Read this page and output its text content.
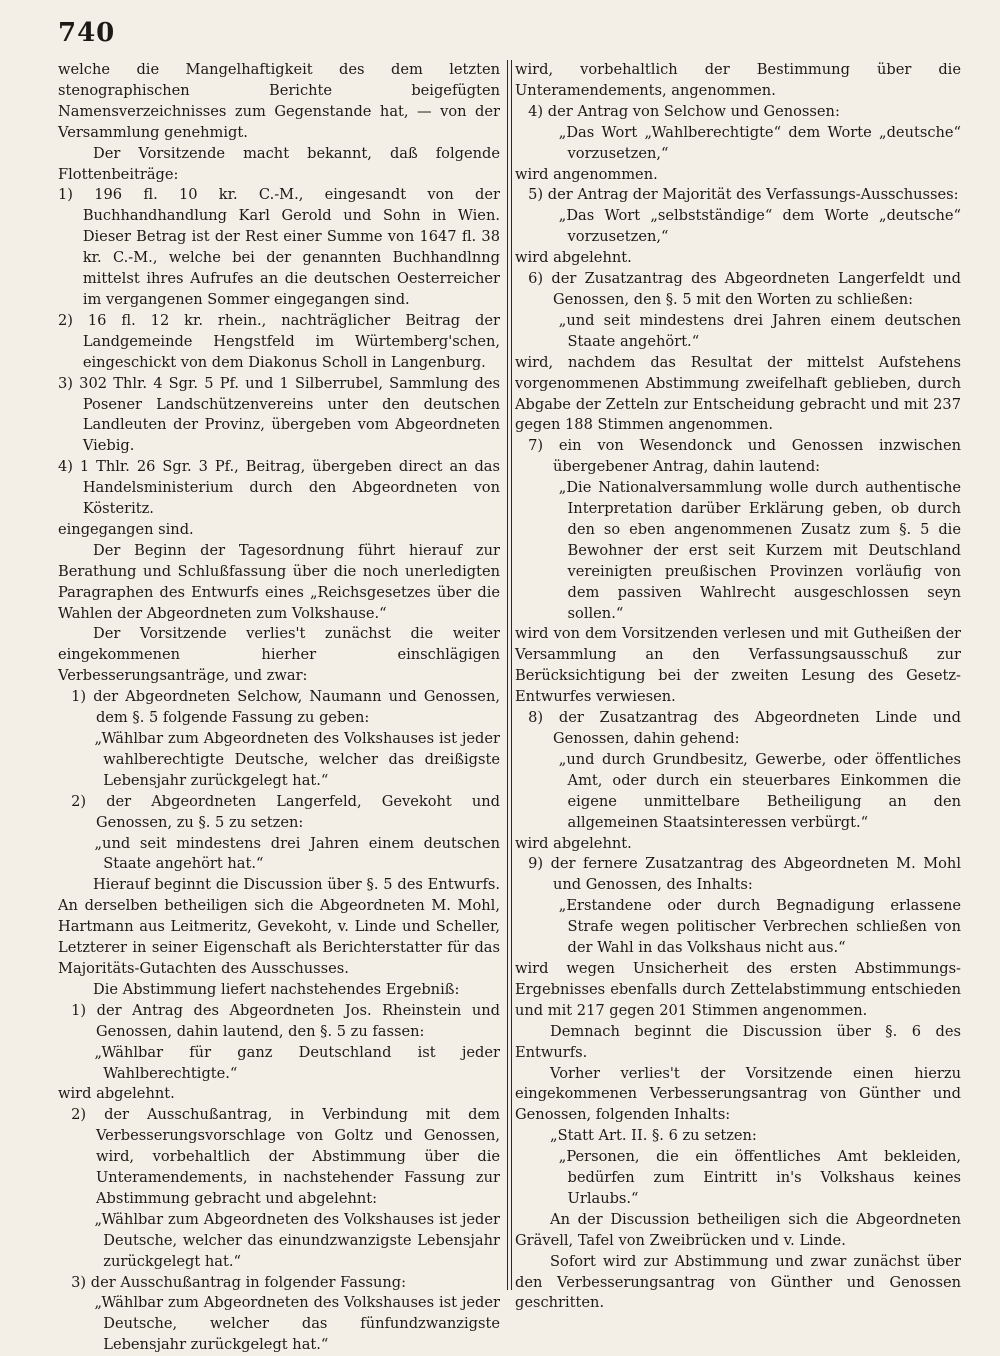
740

welche die Mangelhaftigkeit des dem letzten stenographischen Berichte beigefügten Namensverzeichnisses zum Gegenstande hat, — von der Versammlung genehmigt.

Der Vorsitzende macht bekannt, daß folgende Flottenbeiträge:

1) 196 fl. 10 kr. C.-M., eingesandt von der Buchhandhandlung Karl Gerold und Sohn in Wien. Dieser Betrag ist der Rest einer Summe von 1647 fl. 38 kr. C.-M., welche bei der genannten Buchhandlnng mittelst ihres Aufrufes an die deutschen Oesterreicher im vergangenen Sommer eingegangen sind.

2) 16 fl. 12 kr. rhein., nachträglicher Beitrag der Landgemeinde Hengstfeld im Würtemberg'schen, eingeschickt von dem Diakonus Scholl in Langenburg.

3) 302 Thlr. 4 Sgr. 5 Pf. und 1 Silberrubel, Sammlung des Posener Landschützenvereins unter den deutschen Landleuten der Provinz, übergeben vom Abgeordneten Viebig.

4) 1 Thlr. 26 Sgr. 3 Pf., Beitrag, übergeben direct an das Handelsministerium durch den Abgeordneten von Kösteritz.

eingegangen sind.

Der Beginn der Tagesordnung führt hierauf zur Berathung und Schlußfassung über die noch unerledigten Paragraphen des Entwurfs eines „Reichsgesetzes über die Wahlen der Abgeordneten zum Volkshause.“

Der Vorsitzende verlies't zunächst die weiter eingekommenen hierher einschlägigen Verbesserungsanträge, und zwar:

1) der Abgeordneten Selchow, Naumann und Genossen, dem §. 5 folgende Fassung zu geben:

„Wählbar zum Abgeordneten des Volkshauses ist jeder wahlberechtigte Deutsche, welcher das dreißigste Lebensjahr zurückgelegt hat.“

2) der Abgeordneten Langerfeld, Gevekoht und Genossen, zu §. 5 zu setzen:

„und seit mindestens drei Jahren einem deutschen Staate angehört hat.“

Hierauf beginnt die Discussion über §. 5 des Entwurfs. An derselben betheiligen sich die Abgeordneten M. Mohl, Hartmann aus Leitmeritz, Gevekoht, v. Linde und Scheller, Letzterer in seiner Eigenschaft als Berichterstatter für das Majoritäts-Gutachten des Ausschusses.

Die Abstimmung liefert nachstehendes Ergebniß:

1) der Antrag des Abgeordneten Jos. Rheinstein und Genossen, dahin lautend, den §. 5 zu fassen:

„Wählbar für ganz Deutschland ist jeder Wahlberechtigte.“

wird abgelehnt.

2) der Ausschußantrag, in Verbindung mit dem Verbesserungsvorschlage von Goltz und Genossen, wird, vorbehaltlich der Abstimmung über die Unteramendements, in nachstehender Fassung zur Abstimmung gebracht und abgelehnt:

„Wählbar zum Abgeordneten des Volkshauses ist jeder Deutsche, welcher das einundzwanzigste Lebensjahr zurückgelegt hat.“

3) der Ausschußantrag in folgender Fassung:

„Wählbar zum Abgeordneten des Volkshauses ist jeder Deutsche, welcher das fünfundzwanzigste Lebensjahr zurückgelegt hat.“

wird, vorbehaltlich der Bestimmung über die Unteramendements, angenommen.

4) der Antrag von Selchow und Genossen:

„Das Wort „Wahlberechtigte“ dem Worte „deutsche“ vorzusetzen,“

wird angenommen.

5) der Antrag der Majorität des Verfassungs-Ausschusses:

„Das Wort „selbstständige“ dem Worte „deutsche“ vorzusetzen,“

wird abgelehnt.

6) der Zusatzantrag des Abgeordneten Langerfeldt und Genossen, den §. 5 mit den Worten zu schließen:

„und seit mindestens drei Jahren einem deutschen Staate angehört.“

wird, nachdem das Resultat der mittelst Aufstehens vorgenommenen Abstimmung zweifelhaft geblieben, durch Abgabe der Zetteln zur Entscheidung gebracht und mit 237 gegen 188 Stimmen angenommen.

7) ein von Wesendonck und Genossen inzwischen übergebener Antrag, dahin lautend:

„Die Nationalversammlung wolle durch authentische Interpretation darüber Erklärung geben, ob durch den so eben angenommenen Zusatz zum §. 5 die Bewohner der erst seit Kurzem mit Deutschland vereinigten preußischen Provinzen vorläufig von dem passiven Wahlrecht ausgeschlossen seyn sollen.“

wird von dem Vorsitzenden verlesen und mit Gutheißen der Versammlung an den Verfassungsausschuß zur Berücksichtigung bei der zweiten Lesung des Gesetz-Entwurfes verwiesen.

8) der Zusatzantrag des Abgeordneten Linde und Genossen, dahin gehend:

„und durch Grundbesitz, Gewerbe, oder öffentliches Amt, oder durch ein steuerbares Einkommen die eigene unmittelbare Betheiligung an den allgemeinen Staatsinteressen verbürgt.“

wird abgelehnt.

9) der fernere Zusatzantrag des Abgeordneten M. Mohl und Genossen, des Inhalts:

„Erstandene oder durch Begnadigung erlassene Strafe wegen politischer Verbrechen schließen von der Wahl in das Volkshaus nicht aus.“

wird wegen Unsicherheit des ersten Abstimmungs-Ergebnisses ebenfalls durch Zettelabstimmung entschieden und mit 217 gegen 201 Stimmen angenommen.

Demnach beginnt die Discussion über §. 6 des Entwurfs.

Vorher verlies't der Vorsitzende einen hierzu eingekommenen Verbesserungsantrag von Günther und Genossen, folgenden Inhalts:

„Statt Art. II. §. 6 zu setzen:

„Personen, die ein öffentliches Amt bekleiden, bedürfen zum Eintritt in's Volkshaus keines Urlaubs.“

An der Discussion betheiligen sich die Abgeordneten Grävell, Tafel von Zweibrücken und v. Linde.

Sofort wird zur Abstimmung und zwar zunächst über den Verbesserungsantrag von Günther und Genossen geschritten.
